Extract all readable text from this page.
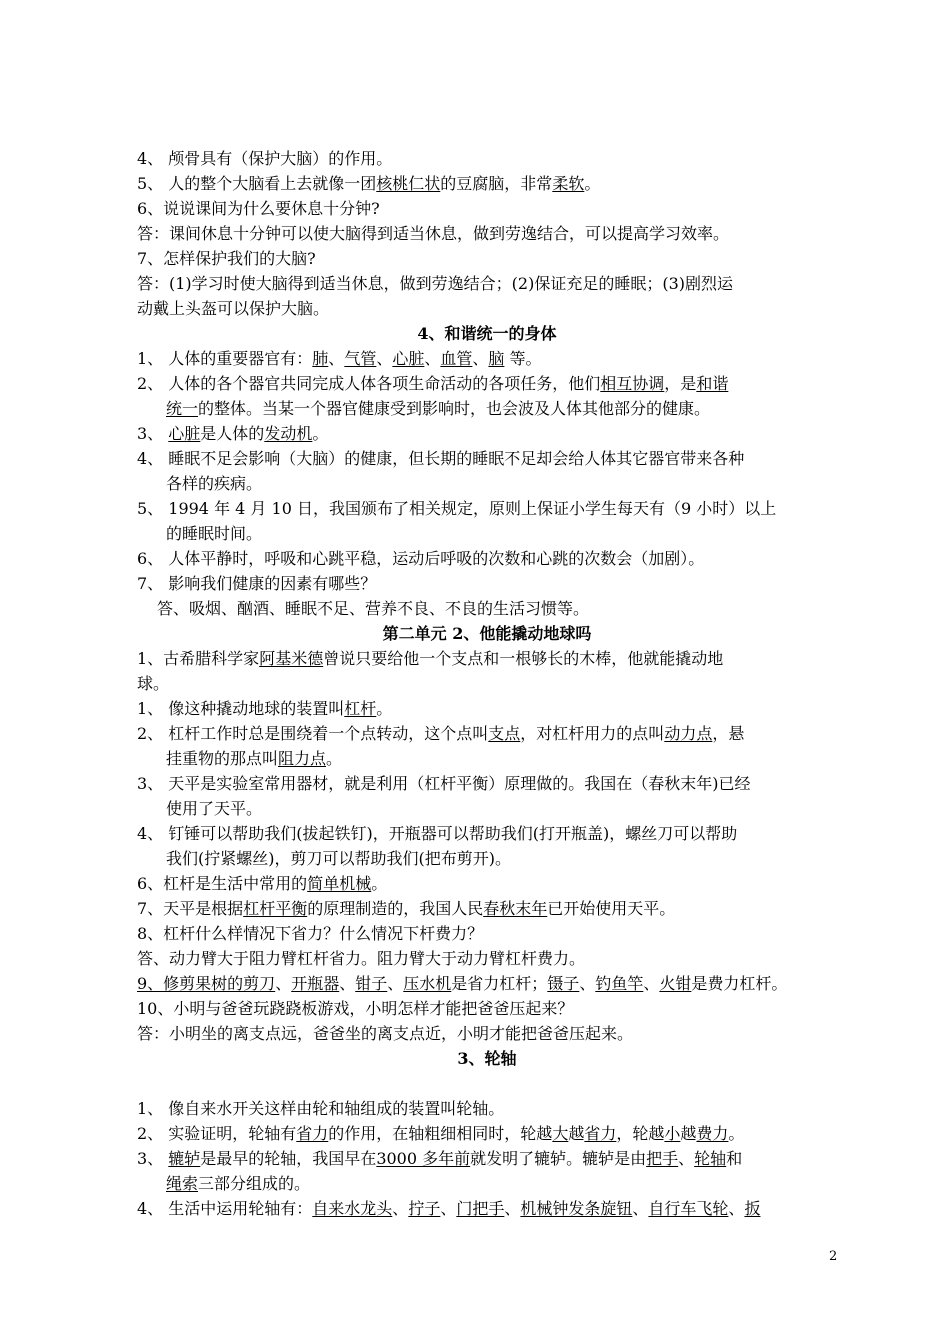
4、 颅骨具有（保护大脑）的作用。
5、 人的整个大脑看上去就像一团核桃仁状的豆腐脑，非常柔软。
6、说说课间为什么要休息十分钟?
答：课间休息十分钟可以使大脑得到适当休息，做到劳逸结合，可以提高学习效率。
7、怎样保护我们的大脑?
答：(1)学习时使大脑得到适当休息，做到劳逸结合；(2)保证充足的睡眠；(3)剧烈运
动戴上头盔可以保护大脑。
4、和谐统一的身体
1、 人体的重要器官有：肺、气管、心脏、血管、脑 等。
2、 人体的各个器官共同完成人体各项生命活动的各项任务，他们相互协调，是和谐
统一的整体。当某一个器官健康受到影响时，也会波及人体其他部分的健康。
3、 心脏是人体的发动机。
4、 睡眠不足会影响（大脑）的健康，但长期的睡眠不足却会给人体其它器官带来各种
各样的疾病。
5、 1994 年 4 月 10 日，我国颁布了相关规定，原则上保证小学生每天有（9 小时）以上
的睡眠时间。
6、 人体平静时，呼吸和心跳平稳，运动后呼吸的次数和心跳的次数会（加剧）。
7、 影响我们健康的因素有哪些？
答、吸烟、酗酒、睡眠不足、营养不良、不良的生活习惯等。
第二单元 2、他能撬动地球吗
1、古希腊科学家阿基米德曾说只要给他一个支点和一根够长的木棒，他就能撬动地
球。
1、 像这种撬动地球的装置叫杠杆。
2、 杠杆工作时总是围绕着一个点转动，这个点叫支点，对杠杆用力的点叫动力点，悬
挂重物的那点叫阻力点。
3、 天平是实验室常用器材，就是利用（杠杆平衡）原理做的。我国在（春秋末年)已经
使用了天平。
4、 钉锤可以帮助我们(拔起铁钉)，开瓶器可以帮助我们(打开瓶盖)，螺丝刀可以帮助
我们(拧紧螺丝)，剪刀可以帮助我们(把布剪开)。
6、杠杆是生活中常用的简单机械。
7、天平是根据杠杆平衡的原理制造的，我国人民春秋末年已开始使用天平。
8、杠杆什么样情况下省力？什么情况下杆费力？
答、动力臂大于阻力臂杠杆省力。阻力臂大于动力臂杠杆费力。
9、修剪果树的剪刀、开瓶器、钳子、压水机是省力杠杆；镊子、钓鱼竿、火钳是费力杠杆。
10、小明与爸爸玩跷跷板游戏，小明怎样才能把爸爸压起来？
答：小明坐的离支点远，爸爸坐的离支点近，小明才能把爸爸压起来。
3、轮轴
1、 像自来水开关这样由轮和轴组成的装置叫轮轴。
2、 实验证明，轮轴有省力的作用，在轴粗细相同时，轮越大越省力，轮越小越费力。
3、 辘轳是最早的轮轴，我国早在3000 多年前就发明了辘轳。辘轳是由把手、轮轴和
绳索三部分组成的。
4、 生活中运用轮轴有：自来水龙头、拧子、门把手、机械钟发条旋钮、自行车飞轮、扳
2
